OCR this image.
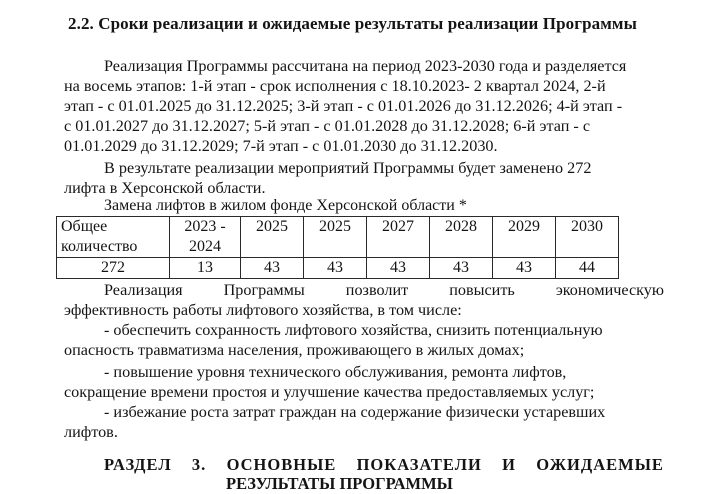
2.2. Сроки реализации и ожидаемые результаты реализации Программы
Реализация Программы рассчитана на период 2023-2030 года и разделяется
на восемь этапов: 1-й этап - срок исполнения с 18.10.2023- 2 квартал 2024, 2-й
этап - с 01.01.2025 до 31.12.2025; 3-й этап - с 01.01.2026 до 31.12.2026; 4-й этап -
с 01.01.2027 до 31.12.2027; 5-й этап - с 01.01.2028 до 31.12.2028; 6-й этап - с
01.01.2029 до 31.12.2029; 7-й этап - с 01.01.2030 до 31.12.2030.
В результате реализации мероприятий Программы будет заменено 272
лифта в Херсонской области.
Замена лифтов в жилом фонде Херсонской области *
Общее количество	2023 - 2024	2025	2025	2027	2028	2029	2030
272	13	43	43	43	43	43	44
Реализация	Программы	позволит	повысить	экономическую
эффективность работы лифтового хозяйства, в том числе:
- обеспечить сохранность лифтового хозяйства, снизить потенциальную
опасность травматизма населения, проживающего в жилых домах;
- повышение уровня технического обслуживания, ремонта лифтов,
сокращение времени простоя и улучшение качества предоставляемых услуг;
- избежание роста затрат граждан на содержание физически устаревших
лифтов.
РАЗДЕЛ 3. ОСНОВНЫЕ ПОКАЗАТЕЛИ И ОЖИДАЕМЫЕ
РЕЗУЛЬТАТЫ ПРОГРАММЫ
